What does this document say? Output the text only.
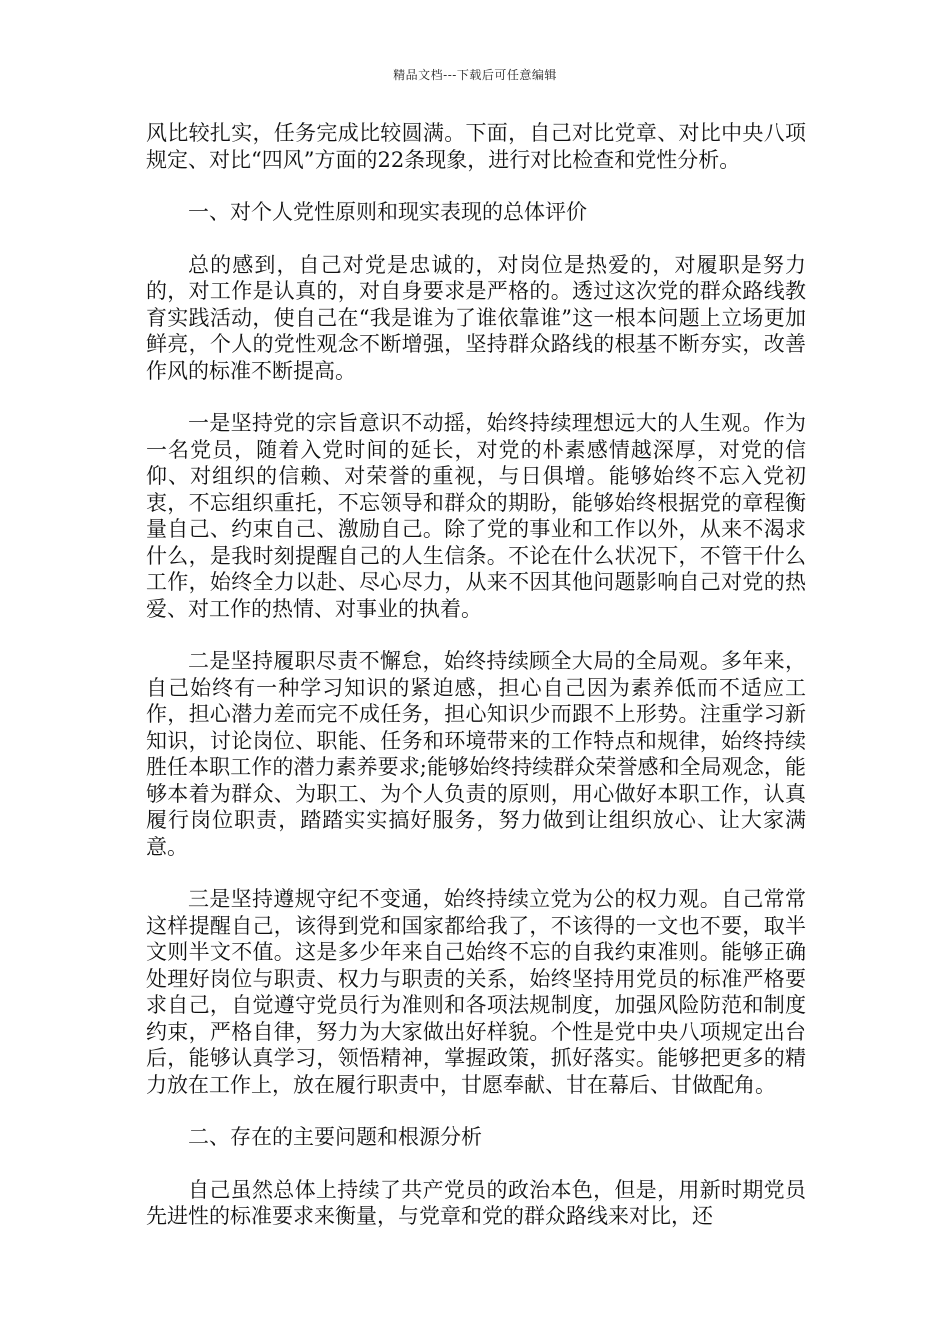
精品文档---下载后可任意编辑

风比较扎实，任务完成比较圆满。下面，自己对比党章、对比中央八项规定、对比“四风”方面的22条现象，进行对比检查和党性分析。

一、对个人党性原则和现实表现的总体评价

总的感到，自己对党是忠诚的，对岗位是热爱的，对履职是努力的，对工作是认真的，对自身要求是严格的。透过这次党的群众路线教育实践活动，使自己在“我是谁为了谁依靠谁”这一根本问题上立场更加鲜亮，个人的党性观念不断增强，坚持群众路线的根基不断夯实，改善作风的标准不断提高。

一是坚持党的宗旨意识不动摇，始终持续理想远大的人生观。作为一名党员，随着入党时间的延长，对党的朴素感情越深厚，对党的信仰、对组织的信赖、对荣誉的重视，与日俱增。能够始终不忘入党初衷，不忘组织重托，不忘领导和群众的期盼，能够始终根据党的章程衡量自己、约束自己、激励自己。除了党的事业和工作以外，从来不渴求什么，是我时刻提醒自己的人生信条。不论在什么状况下，不管干什么工作，始终全力以赴、尽心尽力，从来不因其他问题影响自己对党的热爱、对工作的热情、对事业的执着。

二是坚持履职尽责不懈怠，始终持续顾全大局的全局观。多年来，自己始终有一种学习知识的紧迫感，担心自己因为素养低而不适应工作，担心潜力差而完不成任务，担心知识少而跟不上形势。注重学习新知识，讨论岗位、职能、任务和环境带来的工作特点和规律，始终持续胜任本职工作的潜力素养要求;能够始终持续群众荣誉感和全局观念，能够本着为群众、为职工、为个人负责的原则，用心做好本职工作，认真履行岗位职责，踏踏实实搞好服务，努力做到让组织放心、让大家满意。

三是坚持遵规守纪不变通，始终持续立党为公的权力观。自己常常这样提醒自己，该得到党和国家都给我了，不该得的一文也不要，取半文则半文不值。这是多少年来自己始终不忘的自我约束准则。能够正确处理好岗位与职责、权力与职责的关系，始终坚持用党员的标准严格要求自己，自觉遵守党员行为准则和各项法规制度，加强风险防范和制度约束，严格自律，努力为大家做出好样貌。个性是党中央八项规定出台后，能够认真学习，领悟精神，掌握政策，抓好落实。能够把更多的精力放在工作上，放在履行职责中，甘愿奉献、甘在幕后、甘做配角。

二、存在的主要问题和根源分析

自己虽然总体上持续了共产党员的政治本色，但是，用新时期党员先进性的标准要求来衡量，与党章和党的群众路线来对比，还
